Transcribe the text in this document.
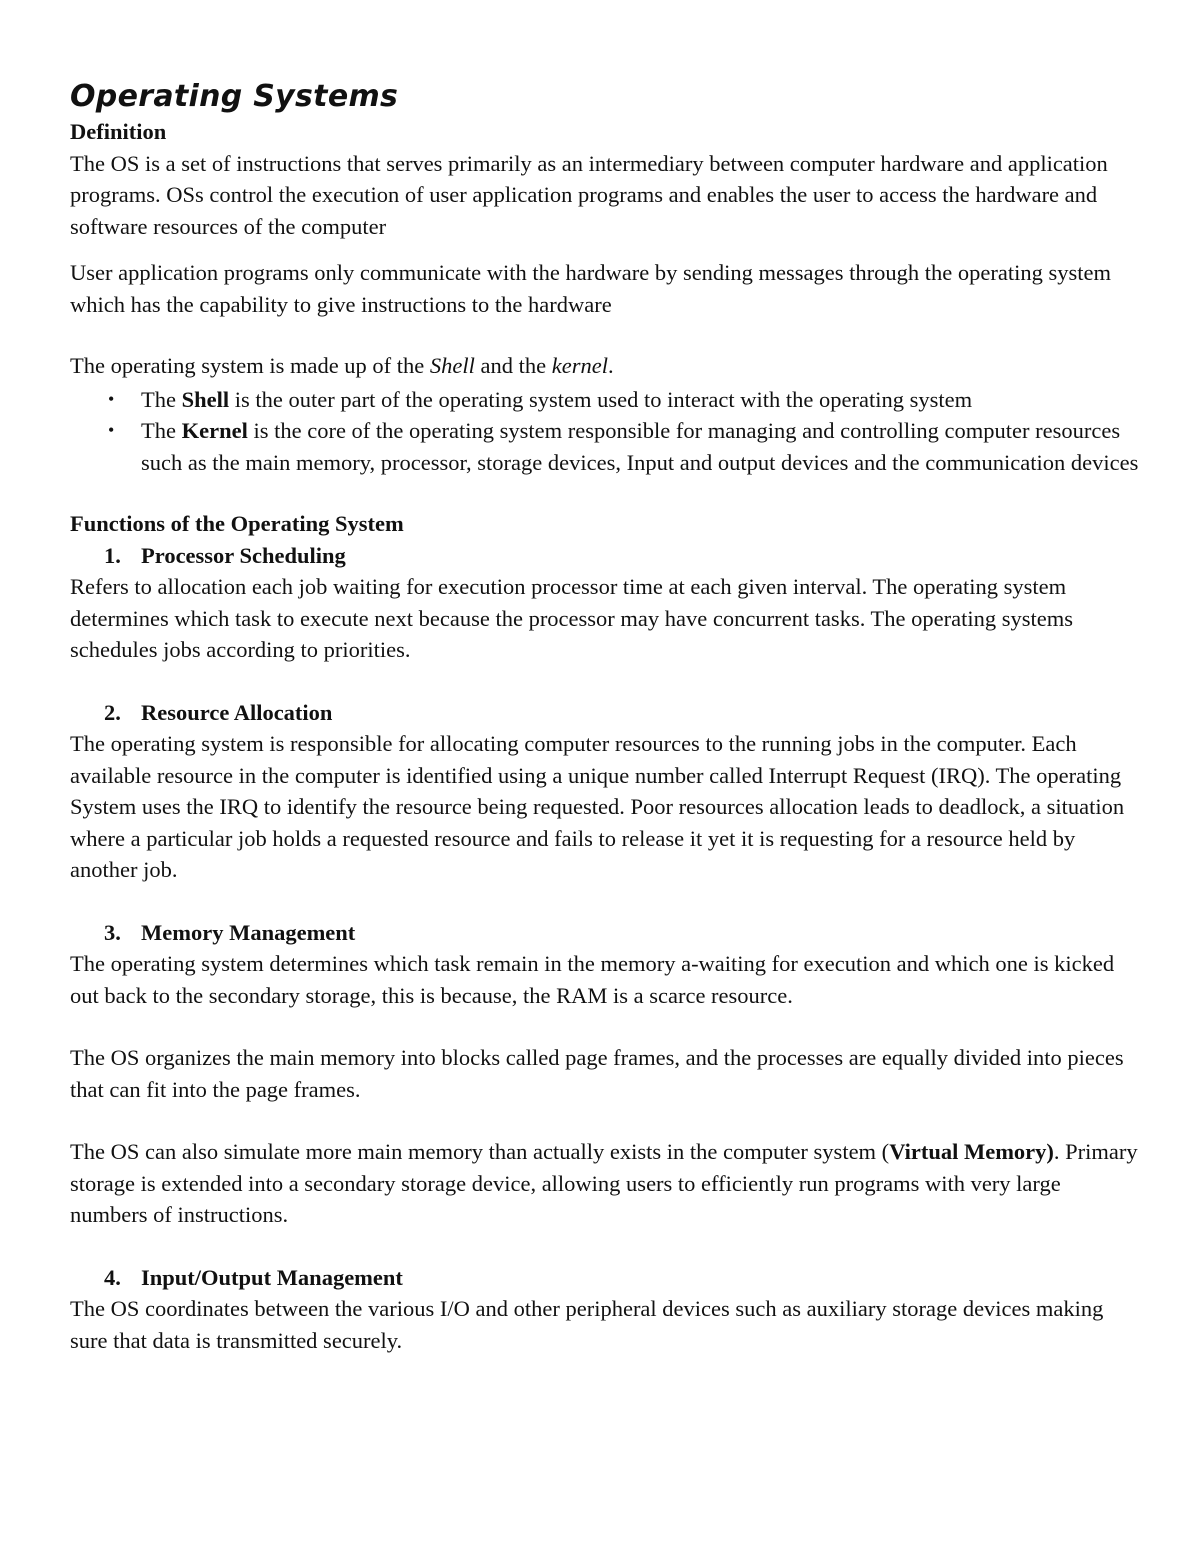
Operating Systems

Definition

The OS is a set of instructions that serves primarily as an intermediary between computer hardware and application programs. OSs control the execution of user application programs and enables the user to access the hardware and software resources of the computer

User application programs only communicate with the hardware by sending messages through the operating system which has the capability to give instructions to the hardware

The operating system is made up of the Shell and the kernel.

• The Shell is the outer part of the operating system used to interact with the operating system
• The Kernel is the core of the operating system responsible for managing and controlling computer resources such as the main memory, processor, storage devices, Input and output devices and the communication devices

Functions of the Operating System

1. Processor Scheduling

Refers to allocation each job waiting for execution processor time at each given interval. The operating system determines which task to execute next because the processor may have concurrent tasks. The operating systems schedules jobs according to priorities.

2. Resource Allocation

The operating system is responsible for allocating computer resources to the running jobs in the computer. Each available resource in the computer is identified using a unique number called Interrupt Request (IRQ). The operating System uses the IRQ to identify the resource being requested. Poor resources allocation leads to deadlock, a situation where a particular job holds a requested resource and fails to release it yet it is requesting for a resource held by another job.

3. Memory Management

The operating system determines which task remain in the memory a-waiting for execution and which one is kicked out back to the secondary storage, this is because, the RAM is a scarce resource.

The OS organizes the main memory into blocks called page frames, and the processes are equally divided into pieces that can fit into the page frames.

The OS can also simulate more main memory than actually exists in the computer system (Virtual Memory). Primary storage is extended into a secondary storage device, allowing users to efficiently run programs with very large numbers of instructions.

4. Input/Output Management

The OS coordinates between the various I/O and other peripheral devices such as auxiliary storage devices making sure that data is transmitted securely.
